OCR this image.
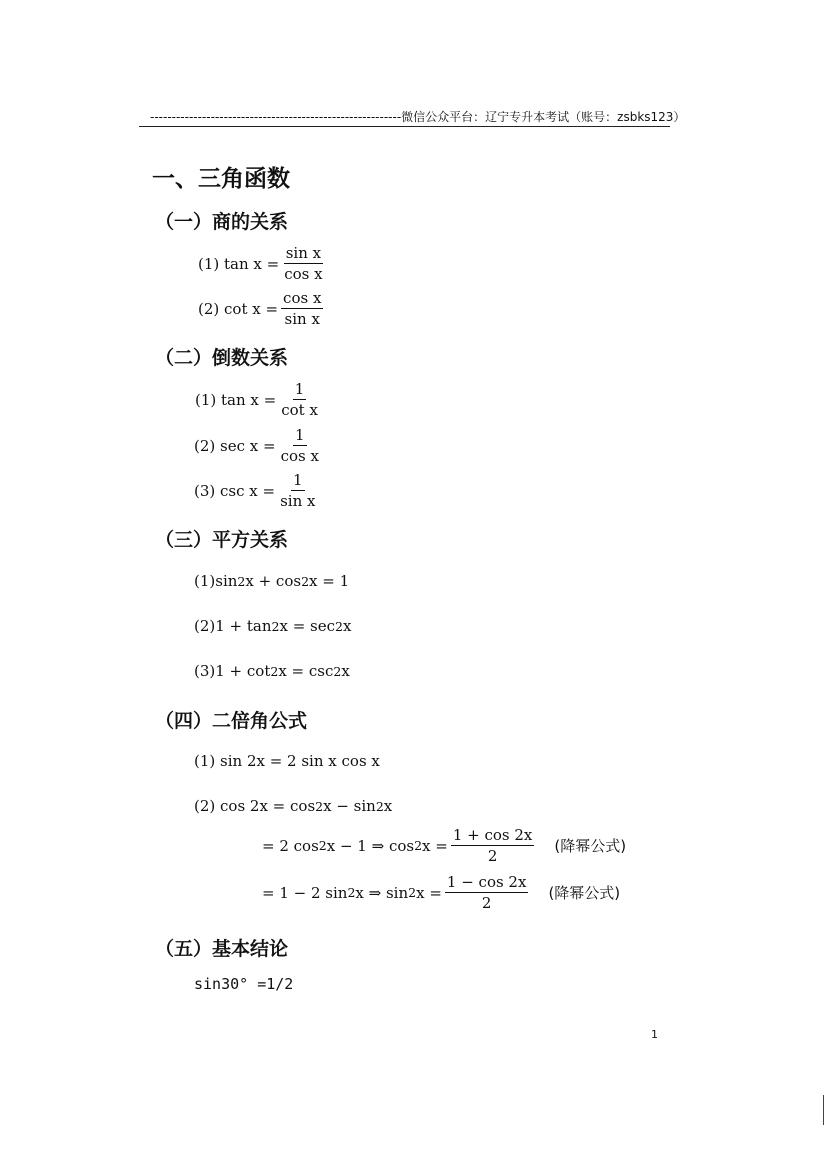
----------------------------------------------------------微信公众平台：辽宁专升本考试（账号：zsbks123）
一、三角函数
（一）商的关系
(1) $\tan x = \frac{\text{sin x}}{\text{cos x}}$
(2) $\cot x = \frac{\text{cos x}}{\text{sin x}}$
（二）倒数关系
(1) $\tan x = \frac{1}{\text{cot x}}$
(2) $\sec x = \frac{1}{\text{cos x}}$
(3) $\csc x = \frac{1}{\text{sin x}}$
（三）平方关系
(1)sin 2 x + cos 2 x = 1
(2)1 + tan 2 x = sec 2 x
(3)1 + cot 2 x = csc 2 x
（四）二倍角公式
(1) sin 2x = 2 sin x cos x
(2) cos 2x = cos 2 x − sin 2 x
= 2 cos 2 x − 1 ⇒ cos 2 $x = \frac{1 + \cos 2x}{2}$ (降幂公式)
= 1 − 2 sin 2 x ⇒ sin 2 $x = \frac{1 - \cos 2x}{2}$ (降幂公式)
（五）基本结论
sin30° =1/2
1
